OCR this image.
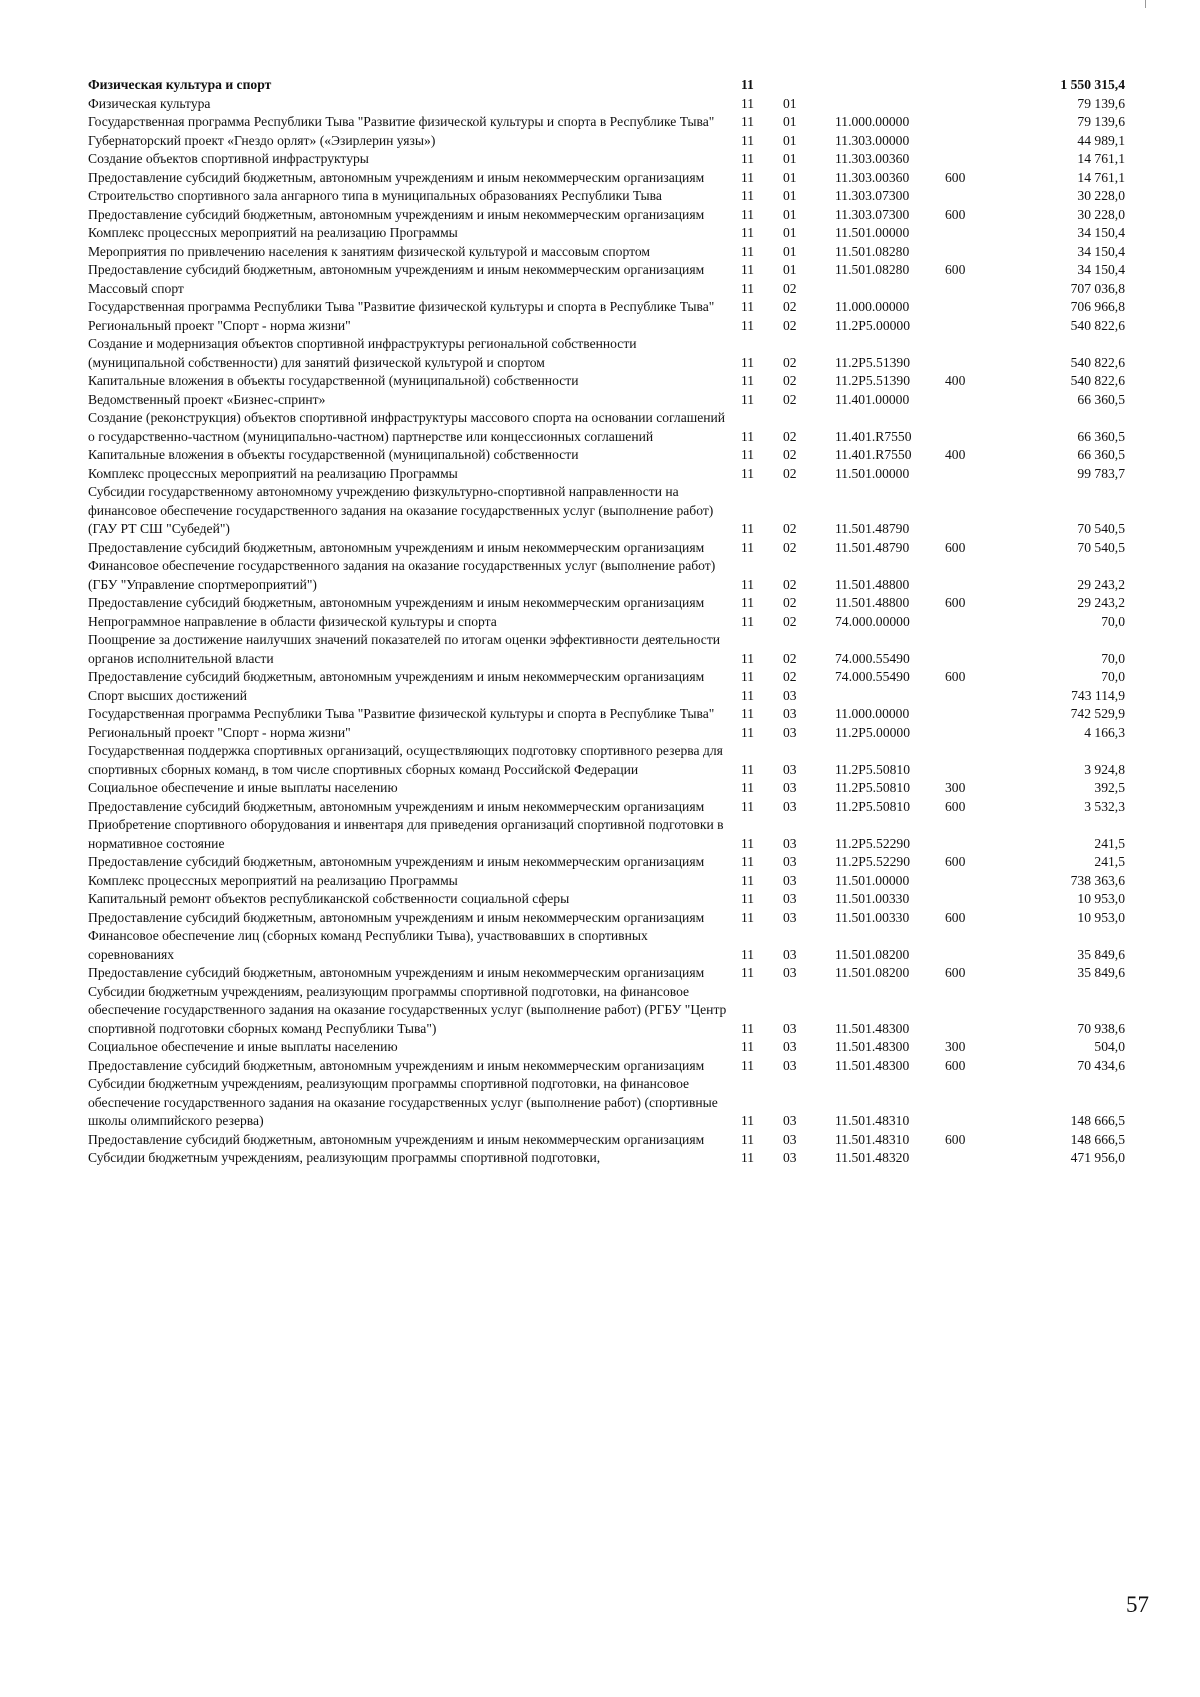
Физическая культура и спорт	11				1 550 315,4
Физическая культура	11	01			79 139,6
Государственная программа Республики Тыва "Развитие физической культуры и спорта в Республике Тыва"	11	01	11.000.00000		79 139,6
Губернаторский проект «Гнездо орлят» («Эзирлерин уязы»)	11	01	11.303.00000		44 989,1
Создание объектов спортивной инфраструктуры	11	01	11.303.00360		14 761,1
Предоставление субсидий бюджетным, автономным учреждениям и иным некоммерческим организациям	11	01	11.303.00360	600	14 761,1
Строительство спортивного зала ангарного типа в муниципальных образованиях Республики Тыва	11	01	11.303.07300		30 228,0
Предоставление субсидий бюджетным, автономным учреждениям и иным некоммерческим организациям	11	01	11.303.07300	600	30 228,0
Комплекс процессных мероприятий на реализацию Программы	11	01	11.501.00000		34 150,4
Мероприятия по привлечению населения к занятиям физической культурой и массовым спортом	11	01	11.501.08280		34 150,4
Предоставление субсидий бюджетным, автономным учреждениям и иным некоммерческим организациям	11	01	11.501.08280	600	34 150,4
Массовый спорт	11	02			707 036,8
Государственная программа Республики Тыва "Развитие физической культуры и спорта в Республике Тыва"	11	02	11.000.00000		706 966,8
Региональный проект "Спорт - норма жизни"	11	02	11.2P5.00000		540 822,6
Создание и модернизация объектов спортивной инфраструктуры региональной собственности (муниципальной собственности) для занятий физической культурой и спортом	11	02	11.2P5.51390		540 822,6
Капитальные вложения в объекты государственной (муниципальной) собственности	11	02	11.2P5.51390	400	540 822,6
Ведомственный проект «Бизнес-спринт»	11	02	11.401.00000		66 360,5
Создание (реконструкция) объектов спортивной инфраструктуры массового спорта на основании соглашений о государственно-частном (муниципально-частном) партнерстве или концессионных соглашений	11	02	11.401.R7550		66 360,5
Капитальные вложения в объекты государственной (муниципальной) собственности	11	02	11.401.R7550	400	66 360,5
Комплекс процессных мероприятий на реализацию Программы	11	02	11.501.00000		99 783,7
Субсидии государственному автономному учреждению физкультурно-спортивной направленности на финансовое обеспечение государственного задания на оказание государственных услуг (выполнение работ) (ГАУ РТ СШ "Субедей")	11	02	11.501.48790		70 540,5
Предоставление субсидий бюджетным, автономным учреждениям и иным некоммерческим организациям	11	02	11.501.48790	600	70 540,5
Финансовое обеспечение государственного задания на оказание государственных услуг (выполнение работ) (ГБУ "Управление спортмероприятий")	11	02	11.501.48800		29 243,2
Предоставление субсидий бюджетным, автономным учреждениям и иным некоммерческим организациям	11	02	11.501.48800	600	29 243,2
Непрограммное направление в области физической культуры и спорта	11	02	74.000.00000		70,0
Поощрение за достижение наилучших значений показателей по итогам оценки эффективности деятельности органов исполнительной власти	11	02	74.000.55490		70,0
Предоставление субсидий бюджетным, автономным учреждениям и иным некоммерческим организациям	11	02	74.000.55490	600	70,0
Спорт высших достижений	11	03			743 114,9
Государственная программа Республики Тыва "Развитие физической культуры и спорта в Республике Тыва"	11	03	11.000.00000		742 529,9
Региональный проект "Спорт - норма жизни"	11	03	11.2P5.00000		4 166,3
Государственная поддержка спортивных организаций, осуществляющих подготовку спортивного резерва для спортивных сборных команд, в том числе спортивных сборных команд Российской Федерации	11	03	11.2P5.50810		3 924,8
Социальное обеспечение и иные выплаты населению	11	03	11.2P5.50810	300	392,5
Предоставление субсидий бюджетным, автономным учреждениям и иным некоммерческим организациям	11	03	11.2P5.50810	600	3 532,3
Приобретение спортивного оборудования и инвентаря для приведения организаций спортивной подготовки в нормативное состояние	11	03	11.2P5.52290		241,5
Предоставление субсидий бюджетным, автономным учреждениям и иным некоммерческим организациям	11	03	11.2P5.52290	600	241,5
Комплекс процессных мероприятий на реализацию Программы	11	03	11.501.00000		738 363,6
Капитальный ремонт объектов республиканской собственности социальной сферы	11	03	11.501.00330		10 953,0
Предоставление субсидий бюджетным, автономным учреждениям и иным некоммерческим организациям	11	03	11.501.00330	600	10 953,0
Финансовое обеспечение лиц (сборных команд Республики Тыва), участвовавших в спортивных соревнованиях	11	03	11.501.08200		35 849,6
Предоставление субсидий бюджетным, автономным учреждениям и иным некоммерческим организациям	11	03	11.501.08200	600	35 849,6
Субсидии бюджетным учреждениям, реализующим программы спортивной подготовки, на финансовое обеспечение государственного задания на оказание государственных услуг (выполнение работ) (РГБУ "Центр спортивной подготовки сборных команд Республики Тыва")	11	03	11.501.48300		70 938,6
Социальное обеспечение и иные выплаты населению	11	03	11.501.48300	300	504,0
Предоставление субсидий бюджетным, автономным учреждениям и иным некоммерческим организациям	11	03	11.501.48300	600	70 434,6
Субсидии бюджетным учреждениям, реализующим программы спортивной подготовки, на финансовое обеспечение государственного задания на оказание государственных услуг (выполнение работ) (спортивные школы олимпийского резерва)	11	03	11.501.48310		148 666,5
Предоставление субсидий бюджетным, автономным учреждениям и иным некоммерческим организациям	11	03	11.501.48310	600	148 666,5
Субсидии бюджетным учреждениям, реализующим программы спортивной подготовки,	11	03	11.501.48320		471 956,0
57
